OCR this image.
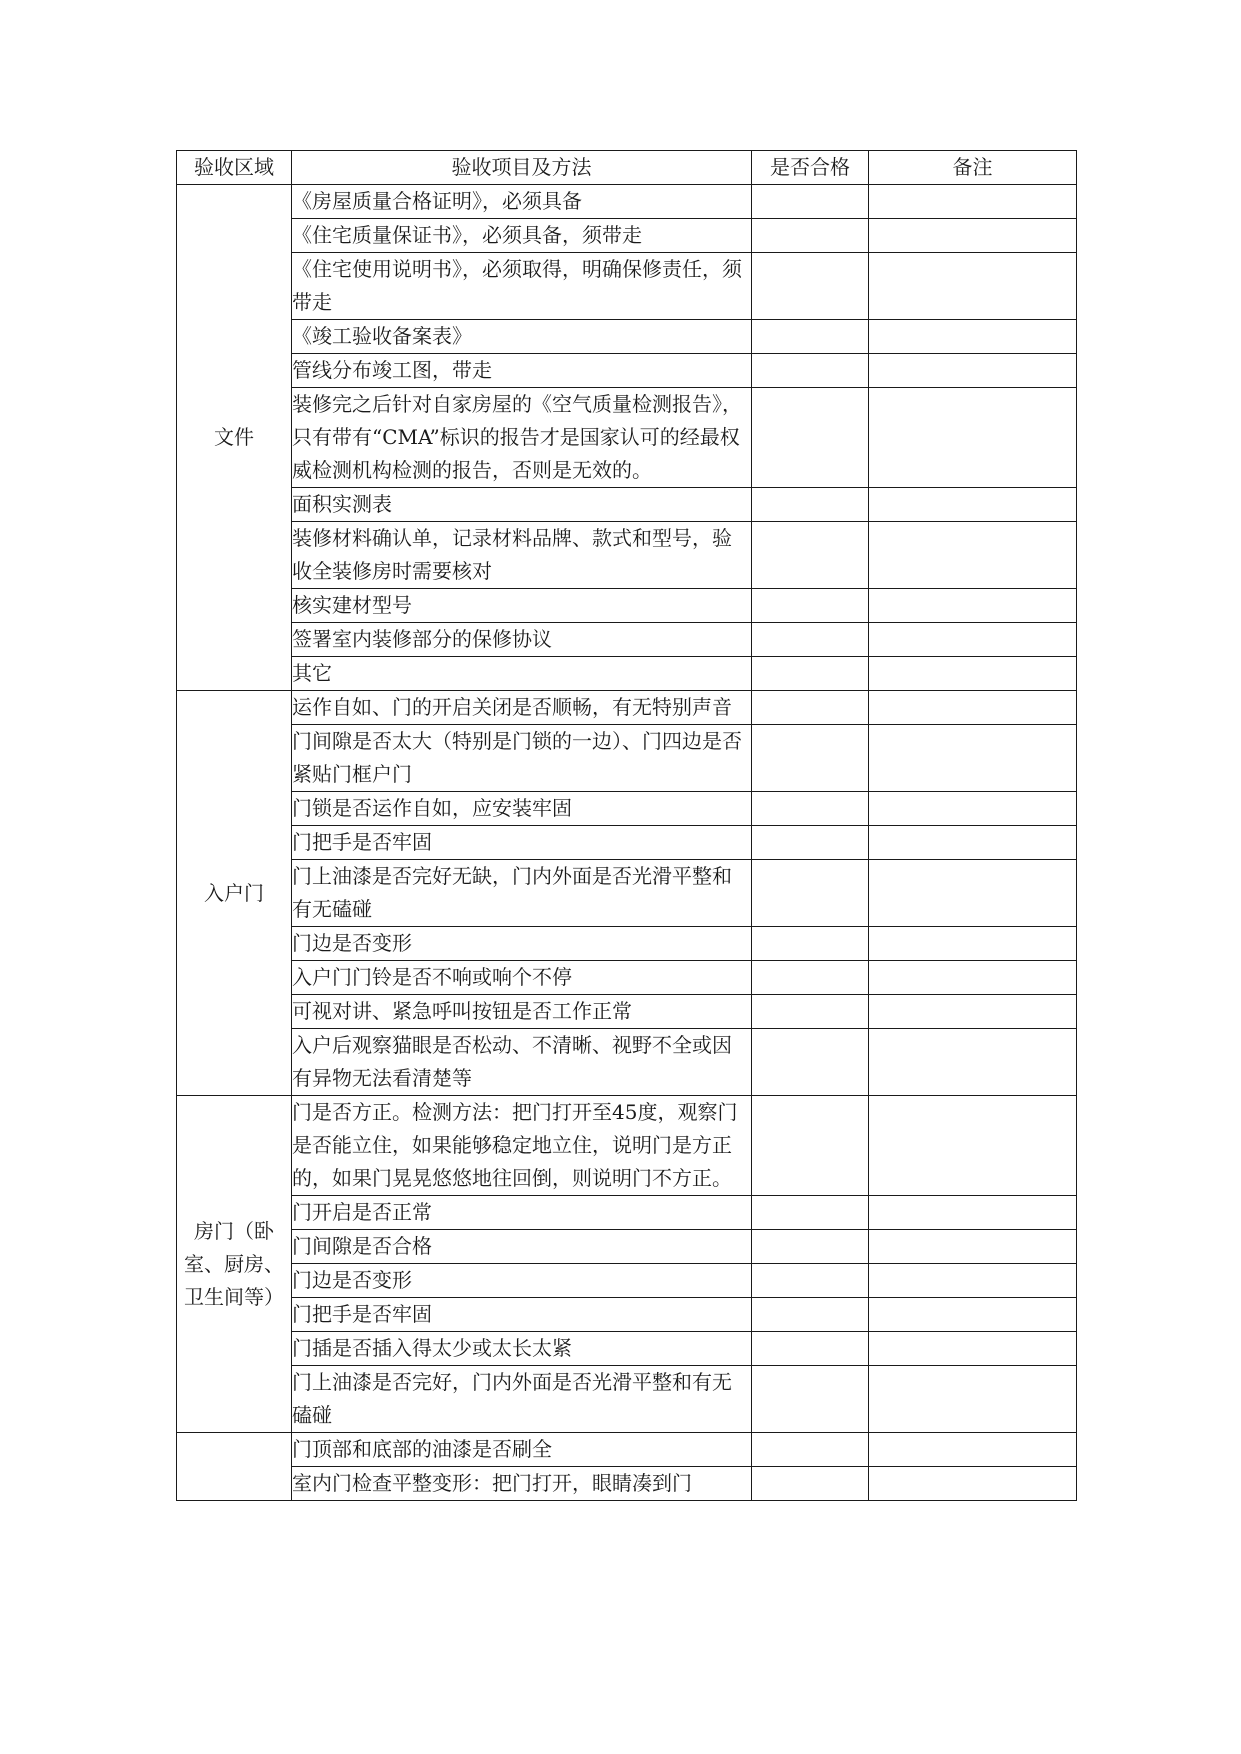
验收区域	验收项目及方法	是否合格	备注
文件	《房屋质量合格证明》，必须具备		
	《住宅质量保证书》，必须具备，须带走		
	《住宅使用说明书》，必须取得，明确保修责任，须带走		
	《竣工验收备案表》		
	管线分布竣工图，带走		
	装修完之后针对自家房屋的《空气质量检测报告》，只有带有“CMA”标识的报告才是国家认可的经最权威检测机构检测的报告，否则是无效的。		
	面积实测表		
	装修材料确认单，记录材料品牌、款式和型号，验收全装修房时需要核对		
	核实建材型号		
	签署室内装修部分的保修协议		
	其它		
入户门	运作自如、门的开启关闭是否顺畅，有无特别声音		
	门间隙是否太大（特别是门锁的一边）、门四边是否紧贴门框户门		
	门锁是否运作自如，应安装牢固		
	门把手是否牢固		
	门上油漆是否完好无缺，门内外面是否光滑平整和有无磕碰		
	门边是否变形		
	入户门门铃是否不响或响个不停		
	可视对讲、紧急呼叫按钮是否工作正常		
	入户后观察猫眼是否松动、不清晰、视野不全或因有异物无法看清楚等		
房门（卧室、厨房、卫生间等）	门是否方正。检测方法：把门打开至45度，观察门是否能立住，如果能够稳定地立住，说明门是方正的，如果门晃晃悠悠地往回倒，则说明门不方正。		
	门开启是否正常		
	门间隙是否合格		
	门边是否变形		
	门把手是否牢固		
	门插是否插入得太少或太长太紧		
	门上油漆是否完好，门内外面是否光滑平整和有无磕碰		
	门顶部和底部的油漆是否刷全		
	室内门检查平整变形：把门打开，眼睛凑到门		
